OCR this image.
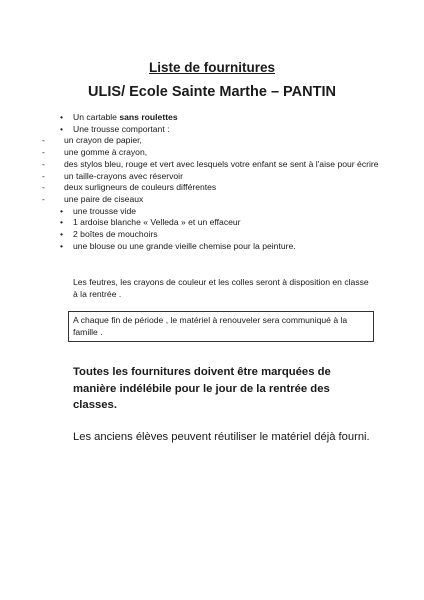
Liste de fournitures
ULIS/ Ecole Sainte Marthe – PANTIN
• Un cartable sans roulettes
• Une trousse comportant :
- un crayon de papier,
- une gomme à crayon,
- des stylos bleu, rouge et vert avec lesquels votre enfant se sent à l'aise pour écrire
- un taille-crayons avec réservoir
- deux surligneurs de couleurs différentes
- une paire de ciseaux
• une trousse vide
• 1 ardoise blanche « Velleda » et un effaceur
• 2 boîtes de mouchoirs
• une blouse ou une grande vieille chemise pour la peinture.

Les feutres, les crayons de couleur et les colles seront à disposition en classe à la rentrée .

A chaque fin de période , le matériel à renouveler sera communiqué à la famille .

Toutes les fournitures doivent être marquées de manière indélébile pour le jour de la rentrée des classes.

Les anciens élèves peuvent réutiliser le matériel déjà fourni.
